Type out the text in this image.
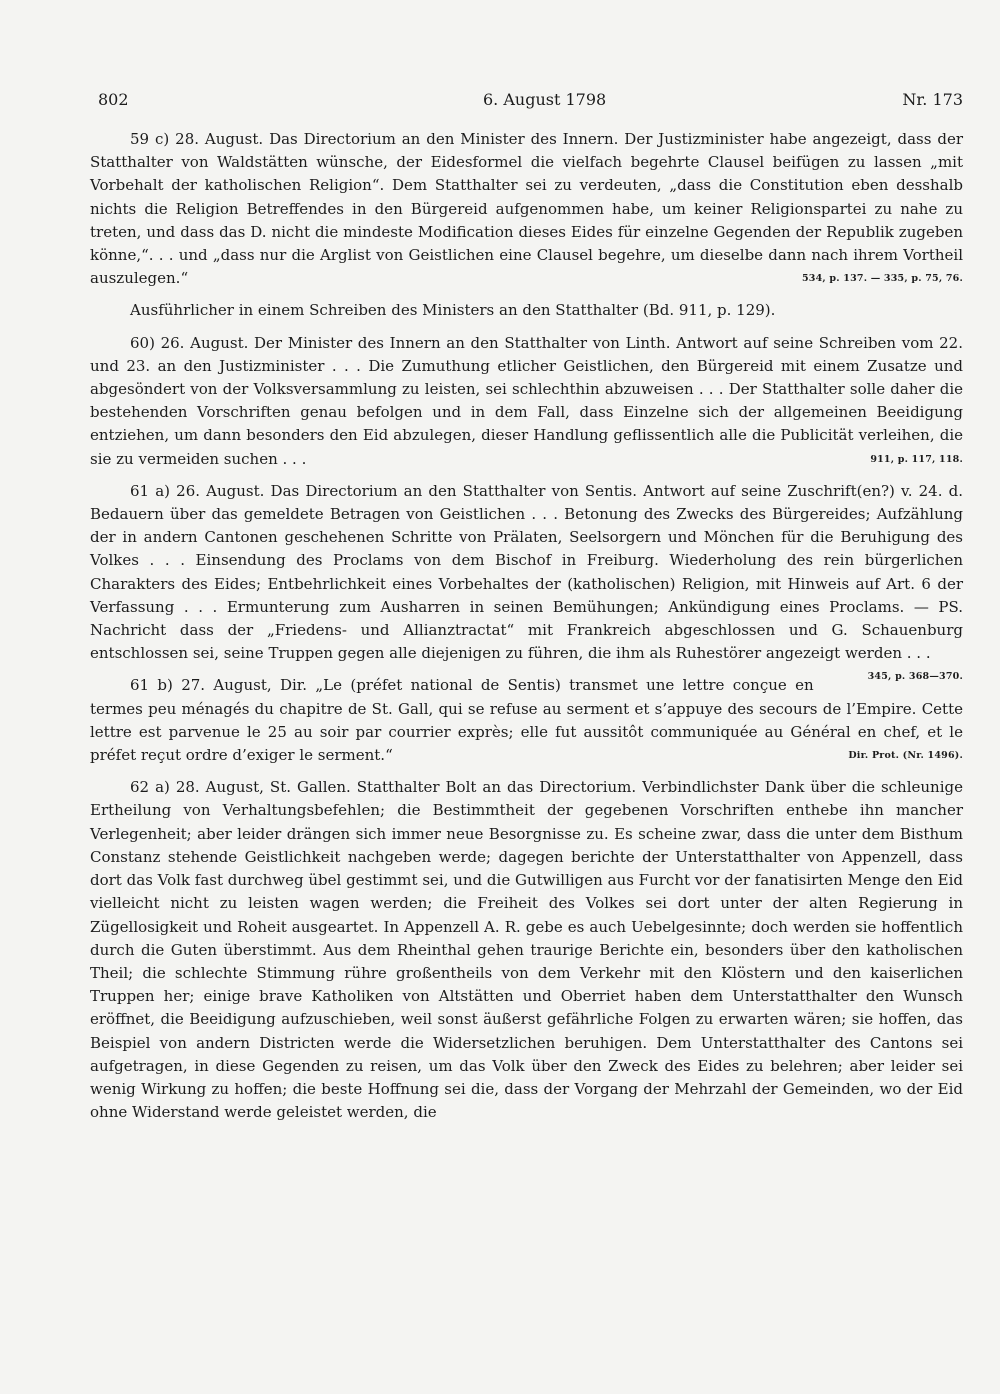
802	6. August 1798	Nr. 173

59 c) 28. August. Das Directorium an den Minister des Innern. Der Justizminister habe angezeigt, dass der Statthalter von Waldstätten wünsche, der Eidesformel die vielfach begehrte Clausel beifügen zu lassen „mit Vorbehalt der katholischen Religion“. Dem Statthalter sei zu verdeuten, „dass die Constitution eben desshalb nichts die Religion Betreffendes in den Bürgereid aufgenommen habe, um keiner Religionspartei zu nahe zu treten, und dass das D. nicht die mindeste Modification dieses Eides für einzelne Gegenden der Republik zugeben könne,“. . . und „dass nur die Arglist von Geistlichen eine Clausel begehre, um dieselbe dann nach ihrem Vortheil auszulegen.“	534, p. 137. — 335, p. 75, 76.

Ausführlicher in einem Schreiben des Ministers an den Statthalter (Bd. 911, p. 129).

60) 26. August. Der Minister des Innern an den Statthalter von Linth. Antwort auf seine Schreiben vom 22. und 23. an den Justizminister . . . Die Zumuthung etlicher Geistlichen, den Bürgereid mit einem Zusatze und abgesöndert von der Volksversammlung zu leisten, sei schlechthin abzuweisen . . . Der Statthalter solle daher die bestehenden Vorschriften genau befolgen und in dem Fall, dass Einzelne sich der allgemeinen Beeidigung entziehen, um dann besonders den Eid abzulegen, dieser Handlung geflissentlich alle die Publicität verleihen, die sie zu vermeiden suchen . . .	911, p. 117, 118.

61 a) 26. August. Das Directorium an den Statthalter von Sentis. Antwort auf seine Zuschrift(en?) v. 24. d. Bedauern über das gemeldete Betragen von Geistlichen . . . Betonung des Zwecks des Bürgereides; Aufzählung der in andern Cantonen geschehenen Schritte von Prälaten, Seelsorgern und Mönchen für die Beruhigung des Volkes . . . Einsendung des Proclams von dem Bischof in Freiburg. Wiederholung des rein bürgerlichen Charakters des Eides; Entbehrlichkeit eines Vorbehaltes der (katholischen) Religion, mit Hinweis auf Art. 6 der Verfassung . . . Ermunterung zum Ausharren in seinen Bemühungen; Ankündigung eines Proclams. — PS. Nachricht dass der „Friedens- und Allianztractat“ mit Frankreich abgeschlossen und G. Schauenburg entschlossen sei, seine Truppen gegen alle diejenigen zu führen, die ihm als Ruhestörer angezeigt werden . . .
345, p. 368—370.

61 b) 27. August, Dir. „Le (préfet national de Sentis) transmet une lettre conçue en termes peu ménagés du chapitre de St. Gall, qui se refuse au serment et s’appuye des secours de l’Empire. Cette lettre est parvenue le 25 au soir par courrier exprès; elle fut aussitôt communiquée au Général en chef, et le préfet reçut ordre d’exiger le serment.“	Dir. Prot. (Nr. 1496).

62 a) 28. August, St. Gallen. Statthalter Bolt an das Directorium. Verbindlichster Dank über die schleunige Ertheilung von Verhaltungsbefehlen; die Bestimmtheit der gegebenen Vorschriften enthebe ihn mancher Verlegenheit; aber leider drängen sich immer neue Besorgnisse zu. Es scheine zwar, dass die unter dem Bisthum Constanz stehende Geistlichkeit nachgeben werde; dagegen berichte der Unterstatthalter von Appenzell, dass dort das Volk fast durchweg übel gestimmt sei, und die Gutwilligen aus Furcht vor der fanatisirten Menge den Eid vielleicht nicht zu leisten wagen werden; die Freiheit des Volkes sei dort unter der alten Regierung in Zügellosigkeit und Roheit ausgeartet. In Appenzell A. R. gebe es auch Uebelgesinnte; doch werden sie hoffentlich durch die Guten überstimmt. Aus dem Rheinthal gehen traurige Berichte ein, besonders über den katholischen Theil; die schlechte Stimmung rühre großentheils von dem Verkehr mit den Klöstern und den kaiserlichen Truppen her; einige brave Katholiken von Altstätten und Oberriet haben dem Unterstatthalter den Wunsch eröffnet, die Beeidigung aufzuschieben, weil sonst äußerst gefährliche Folgen zu erwarten wären; sie hoffen, das Beispiel von andern Districten werde die Widersetzlichen beruhigen. Dem Unterstatthalter des Cantons sei aufgetragen, in diese Gegenden zu reisen, um das Volk über den Zweck des Eides zu belehren; aber leider sei wenig Wirkung zu hoffen; die beste Hoffnung sei die, dass der Vorgang der Mehrzahl der Gemeinden, wo der Eid ohne Widerstand werde geleistet werden, die
